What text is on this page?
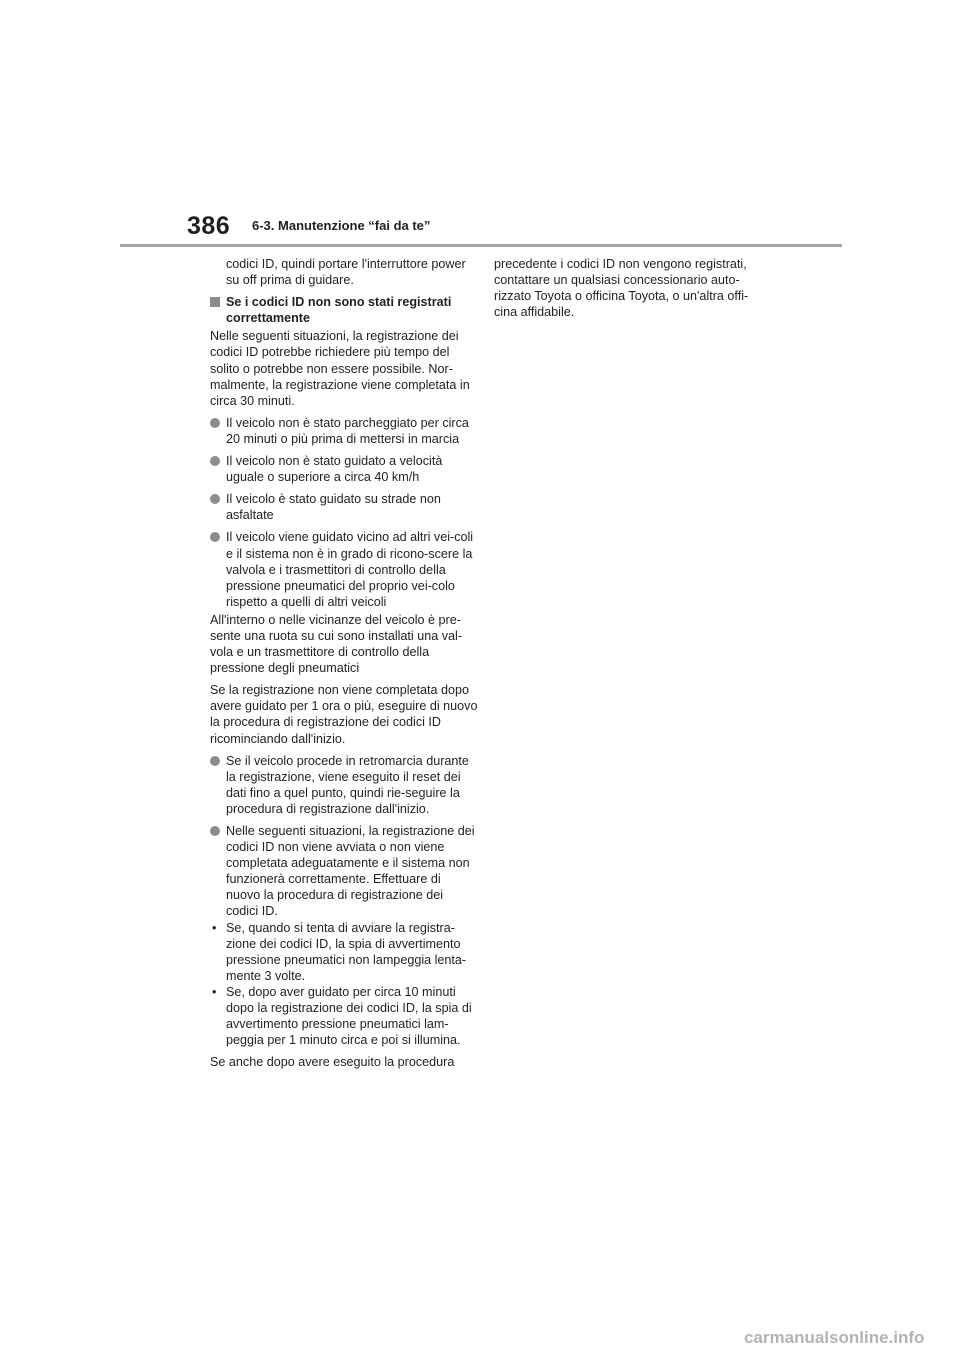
386 6-3. Manutenzione “fai da te”

codici ID, quindi portare l'interruttore power su off prima di guidare.

Se i codici ID non sono stati registrati correttamente

Nelle seguenti situazioni, la registrazione dei codici ID potrebbe richiedere più tempo del solito o potrebbe non essere possibile. Nor-malmente, la registrazione viene completata in circa 30 minuti.

Il veicolo non è stato parcheggiato per circa 20 minuti o più prima di mettersi in marcia
Il veicolo non è stato guidato a velocità uguale o superiore a circa 40 km/h
Il veicolo è stato guidato su strade non asfaltate
Il veicolo viene guidato vicino ad altri vei-coli e il sistema non è in grado di ricono-scere la valvola e i trasmettitori di controllo della pressione pneumatici del proprio vei-colo rispetto a quelli di altri veicoli

All'interno o nelle vicinanze del veicolo è pre-sente una ruota su cui sono installati una val-vola e un trasmettitore di controllo della pressione degli pneumatici

Se la registrazione non viene completata dopo avere guidato per 1 ora o più, eseguire di nuovo la procedura di registrazione dei codici ID ricominciando dall'inizio.

Se il veicolo procede in retromarcia durante la registrazione, viene eseguito il reset dei dati fino a quel punto, quindi rie-seguire la procedura di registrazione dall'inizio.
Nelle seguenti situazioni, la registrazione dei codici ID non viene avviata o non viene completata adeguatamente e il sistema non funzionerà correttamente. Effettuare di nuovo la procedura di registrazione dei codici ID.
• Se, quando si tenta di avviare la registra-zione dei codici ID, la spia di avvertimento pressione pneumatici non lampeggia lenta-mente 3 volte.
• Se, dopo aver guidato per circa 10 minuti dopo la registrazione dei codici ID, la spia di avvertimento pressione pneumatici lam-peggia per 1 minuto circa e poi si illumina.

Se anche dopo avere eseguito la procedura

precedente i codici ID non vengono registrati, contattare un qualsiasi concessionario auto-rizzato Toyota o officina Toyota, o un'altra offi-cina affidabile.

carmanualsonline.info
